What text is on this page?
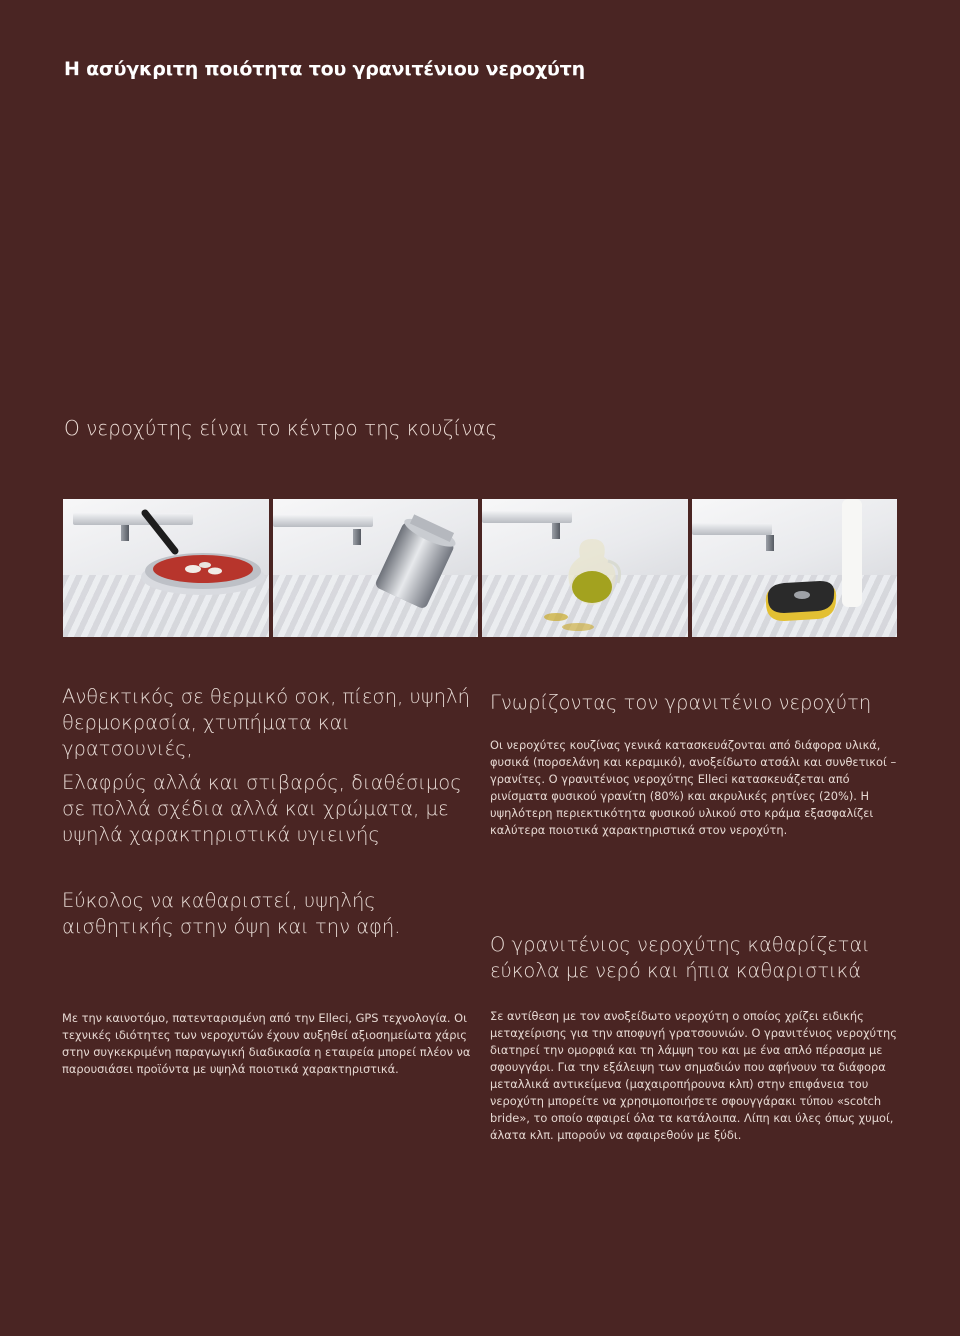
Η ασύγκριτη ποιότητα του γρανιτένιου νεροχύτη
Ο νεροχύτης είναι το κέντρο της κουζίνας
Ανθεκτικός σε θερμικό σοκ, πίεση, υψηλή θερμοκρασία, χτυπήματα και γρατσουνιές,
Ελαφρύς αλλά και στιβαρός, διαθέσιμος σε πολλά σχέδια αλλά και χρώματα, με υψηλά χαρακτηριστικά υγιεινής
Εύκολος να καθαριστεί, υψηλής αισθητικής στην όψη και την αφή.
Με την καινοτόμο, πατενταρισμένη από την Elleci, GPS τεχνολογία. Οι τεχνικές ιδιότητες των νεροχυτών έχουν αυξηθεί αξιοσημείωτα χάρις στην συγκεκριμένη παραγωγική διαδικασία η εταιρεία μπορεί πλέον να παρουσιάσει προϊόντα με υψηλά ποιοτικά χαρακτηριστικά.
Γνωρίζοντας τον γρανιτένιο νεροχύτη
Οι νεροχύτες κουζίνας γενικά κατασκευάζονται από διάφορα υλικά, φυσικά (πορσελάνη και κεραμικό), ανοξείδωτο ατσάλι και συνθετικοί – γρανίτες. Ο γρανιτένιος νεροχύτης Elleci κατασκευάζεται από ρινίσματα φυσικού γρανίτη (80%) και ακρυλικές ρητίνες (20%). Η υψηλότερη περιεκτικότητα φυσικού υλικού στο κράμα εξασφαλίζει καλύτερα ποιοτικά χαρακτηριστικά στον νεροχύτη.
Ο γρανιτένιος νεροχύτης καθαρίζεται εύκολα με νερό και ήπια καθαριστικά
Σε αντίθεση με τον ανοξείδωτο νεροχύτη ο οποίος χρίζει ειδικής μεταχείρισης για την αποφυγή γρατσουνιών. Ο γρανιτένιος νεροχύτης διατηρεί την ομορφιά και τη λάμψη του και με ένα απλό πέρασμα με σφουγγάρι. Για την εξάλειψη των σημαδιών που αφήνουν τα διάφορα μεταλλικά αντικείμενα (μαχαιροπήρουνα κλπ) στην επιφάνεια του νεροχύτη μπορείτε να χρησιμοποιήσετε σφουγγάρακι τύπου «scotch bride», το οποίο αφαιρεί όλα τα κατάλοιπα. Λίπη και ύλες όπως χυμοί, άλατα κλπ. μπορούν να αφαιρεθούν με ξύδι.
